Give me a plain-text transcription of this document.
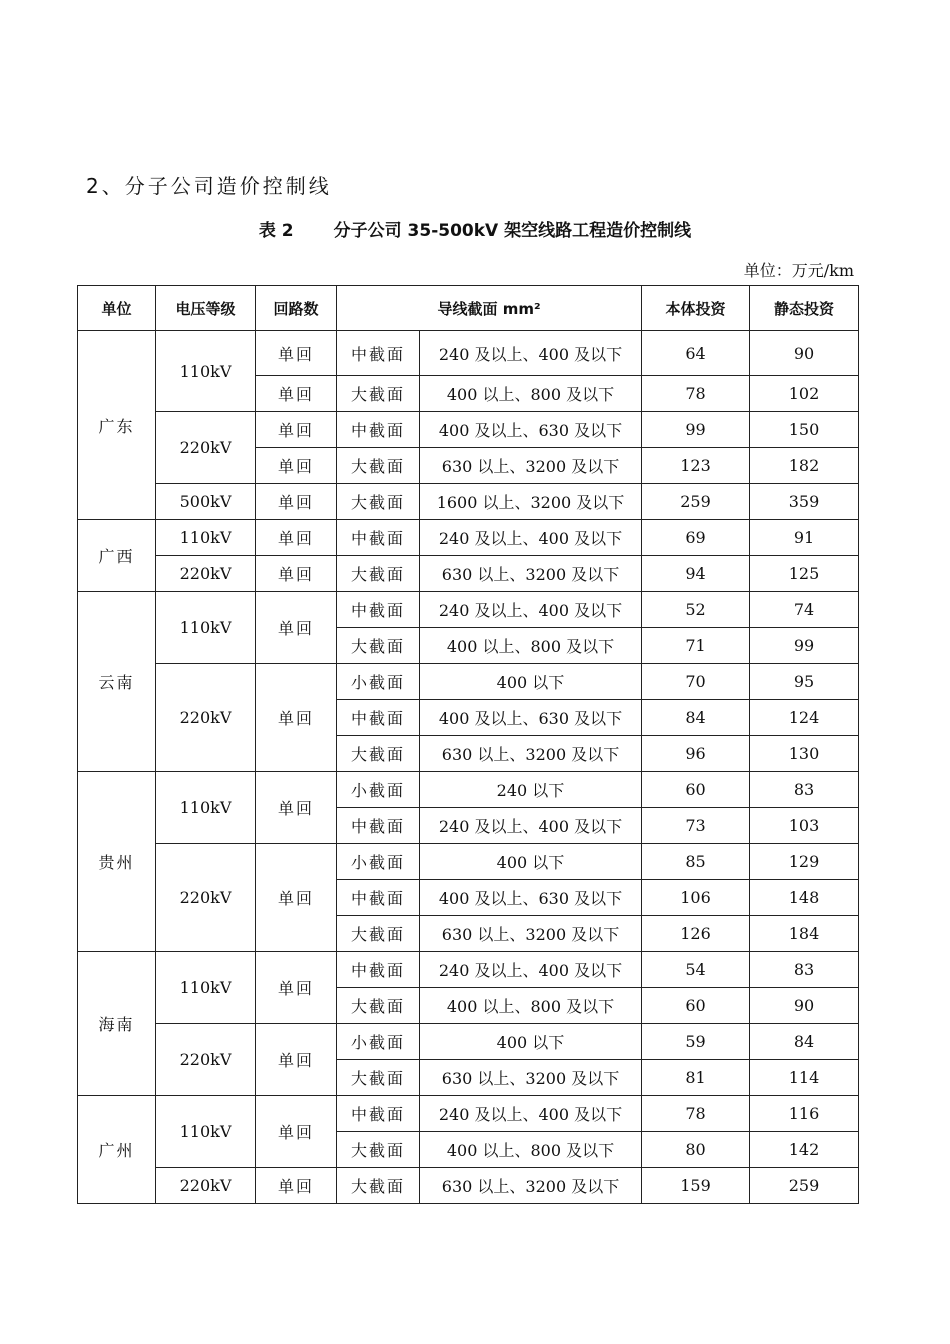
2、分子公司造价控制线
表 2 分子公司 35-500kV 架空线路工程造价控制线
单位：万元/km
单位	电压等级	回路数	导线截面 mm²		本体投资	静态投资
广东	110kV	单回	中截面	240 及以上、400 及以下	64	90
		单回	大截面	400 以上、800 及以下	78	102
	220kV	单回	中截面	400 及以上、630 及以下	99	150
		单回	大截面	630 以上、3200 及以下	123	182
	500kV	单回	大截面	1600 以上、3200 及以下	259	359
广西	110kV	单回	中截面	240 及以上、400 及以下	69	91
	220kV	单回	大截面	630 以上、3200 及以下	94	125
云南	110kV	单回	中截面	240 及以上、400 及以下	52	74
			大截面	400 以上、800 及以下	71	99
	220kV	单回	小截面	400 以下	70	95
			中截面	400 及以上、630 及以下	84	124
			大截面	630 以上、3200 及以下	96	130
贵州	110kV	单回	小截面	240 以下	60	83
			中截面	240 及以上、400 及以下	73	103
	220kV	单回	小截面	400 以下	85	129
			中截面	400 及以上、630 及以下	106	148
			大截面	630 以上、3200 及以下	126	184
海南	110kV	单回	中截面	240 及以上、400 及以下	54	83
			大截面	400 以上、800 及以下	60	90
	220kV	单回	小截面	400 以下	59	84
			大截面	630 以上、3200 及以下	81	114
广州	110kV	单回	中截面	240 及以上、400 及以下	78	116
			大截面	400 以上、800 及以下	80	142
	220kV	单回	大截面	630 以上、3200 及以下	159	259
